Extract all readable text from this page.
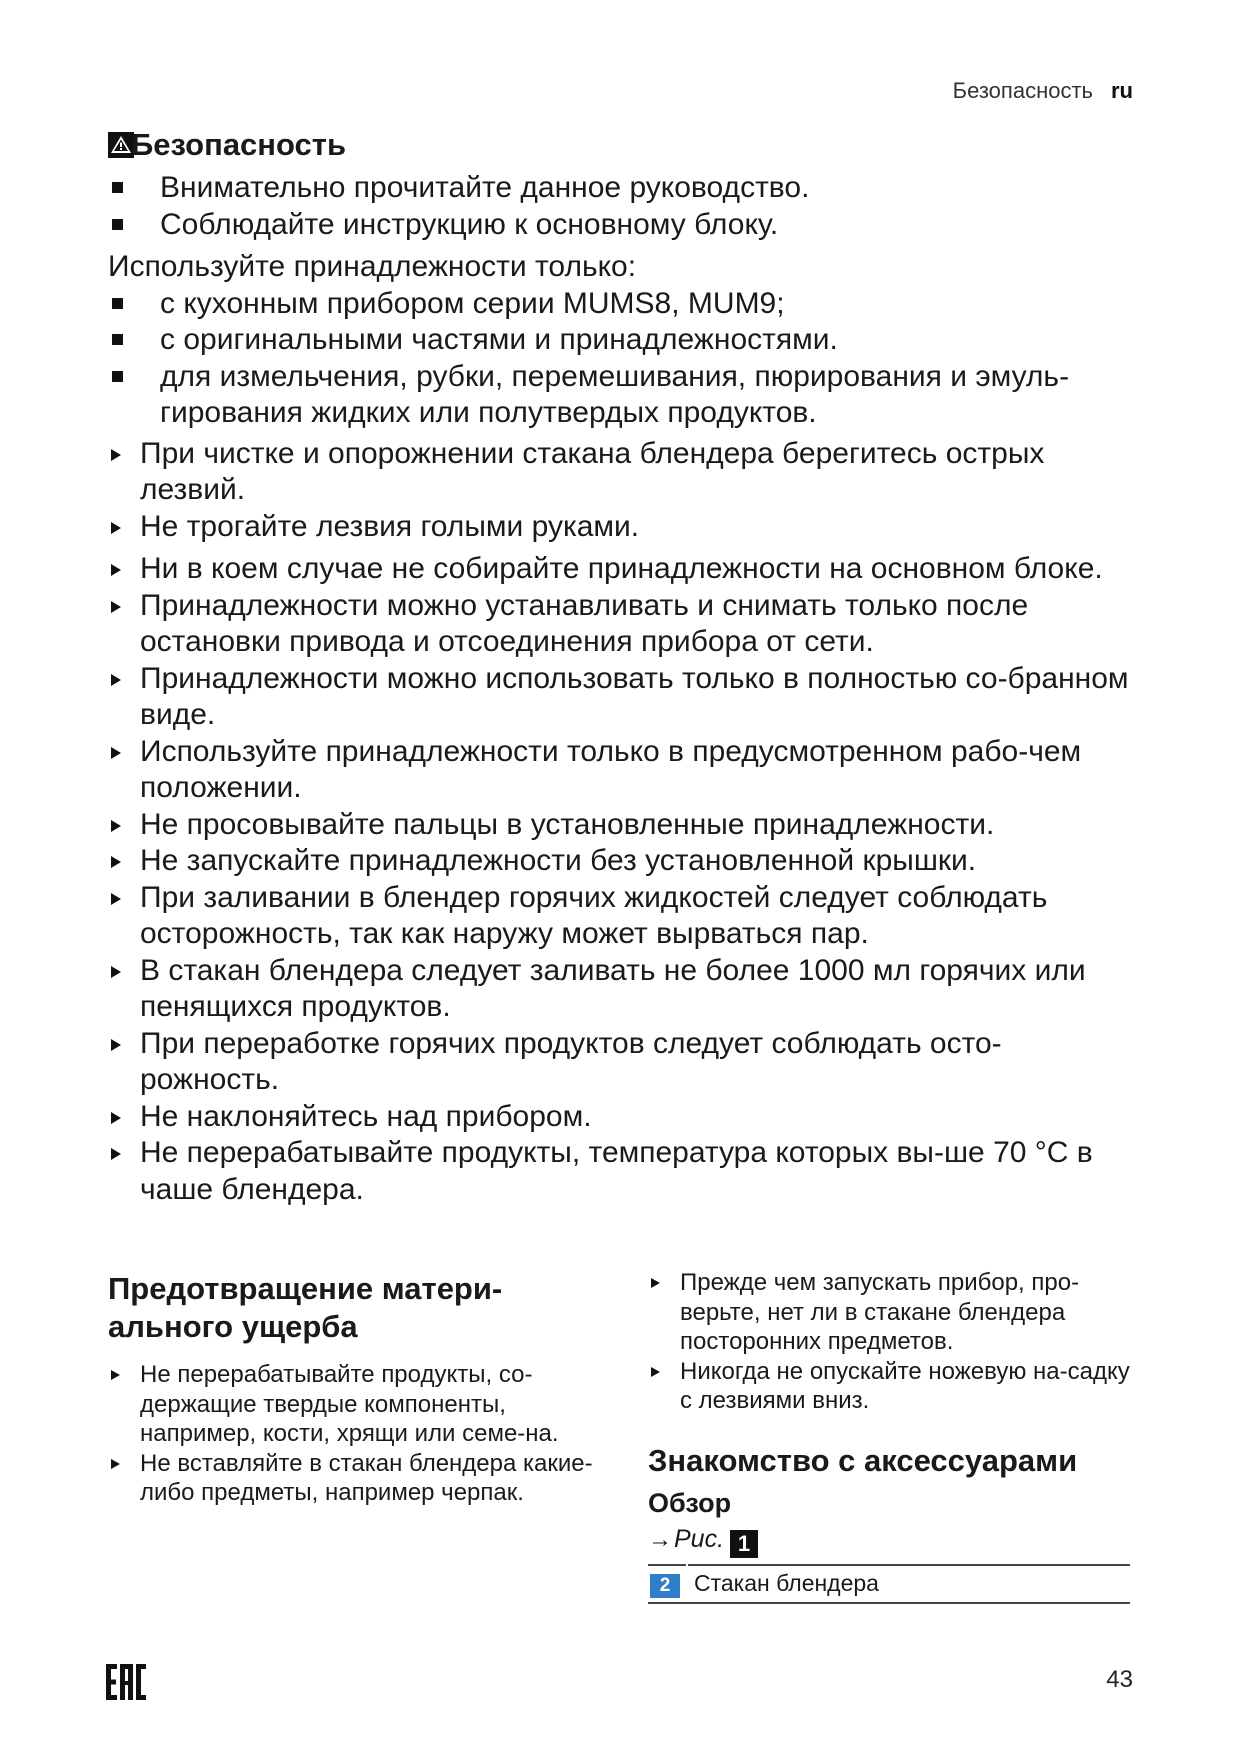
Безопасность ru
Безопасность
Внимательно прочитайте данное руководство.
Соблюдайте инструкцию к основному блоку.

Используйте принадлежности только:

с кухонным прибором серии MUMS8, MUM9;
с оригинальными частями и принадлежностями.
для измельчения, рубки, перемешивания, пюрирования и эмуль-гирования жидких или полутвердых продуктов.
При чистке и опорожнении стакана блендера берегитесь острых лезвий.
Не трогайте лезвия голыми руками.
Ни в коем случае не собирайте принадлежности на основном блоке.
Принадлежности можно устанавливать и снимать только после остановки привода и отсоединения прибора от сети.
Принадлежности можно использовать только в полностью со-бранном виде.
Используйте принадлежности только в предусмотренном рабо-чем положении.
Не просовывайте пальцы в установленные принадлежности.
Не запускайте принадлежности без установленной крышки.
При заливании в блендер горячих жидкостей следует соблюдать осторожность, так как наружу может вырваться пар.
В стакан блендера следует заливать не более 1000 мл горячих или пенящихся продуктов.
При переработке горячих продуктов следует соблюдать осто-рожность.
Не наклоняйтесь над прибором.
Не перерабатывайте продукты, температура которых вы-ше 70 °C в чаше блендера.
Предотвращение матери-ального ущерба
Не перерабатывайте продукты, со-держащие твердые компоненты, например, кости, хрящи или семе-на.
Не вставляйте в стакан блендера какие-либо предметы, например черпак.
Прежде чем запускать прибор, про-верьте, нет ли в стакане блендера посторонних предметов.
Никогда не опускайте ножевую на-садку с лезвиями вниз.
Знакомство с аксессуарами
Обзор
→Рис. 1
2	Стакан блендера
43
